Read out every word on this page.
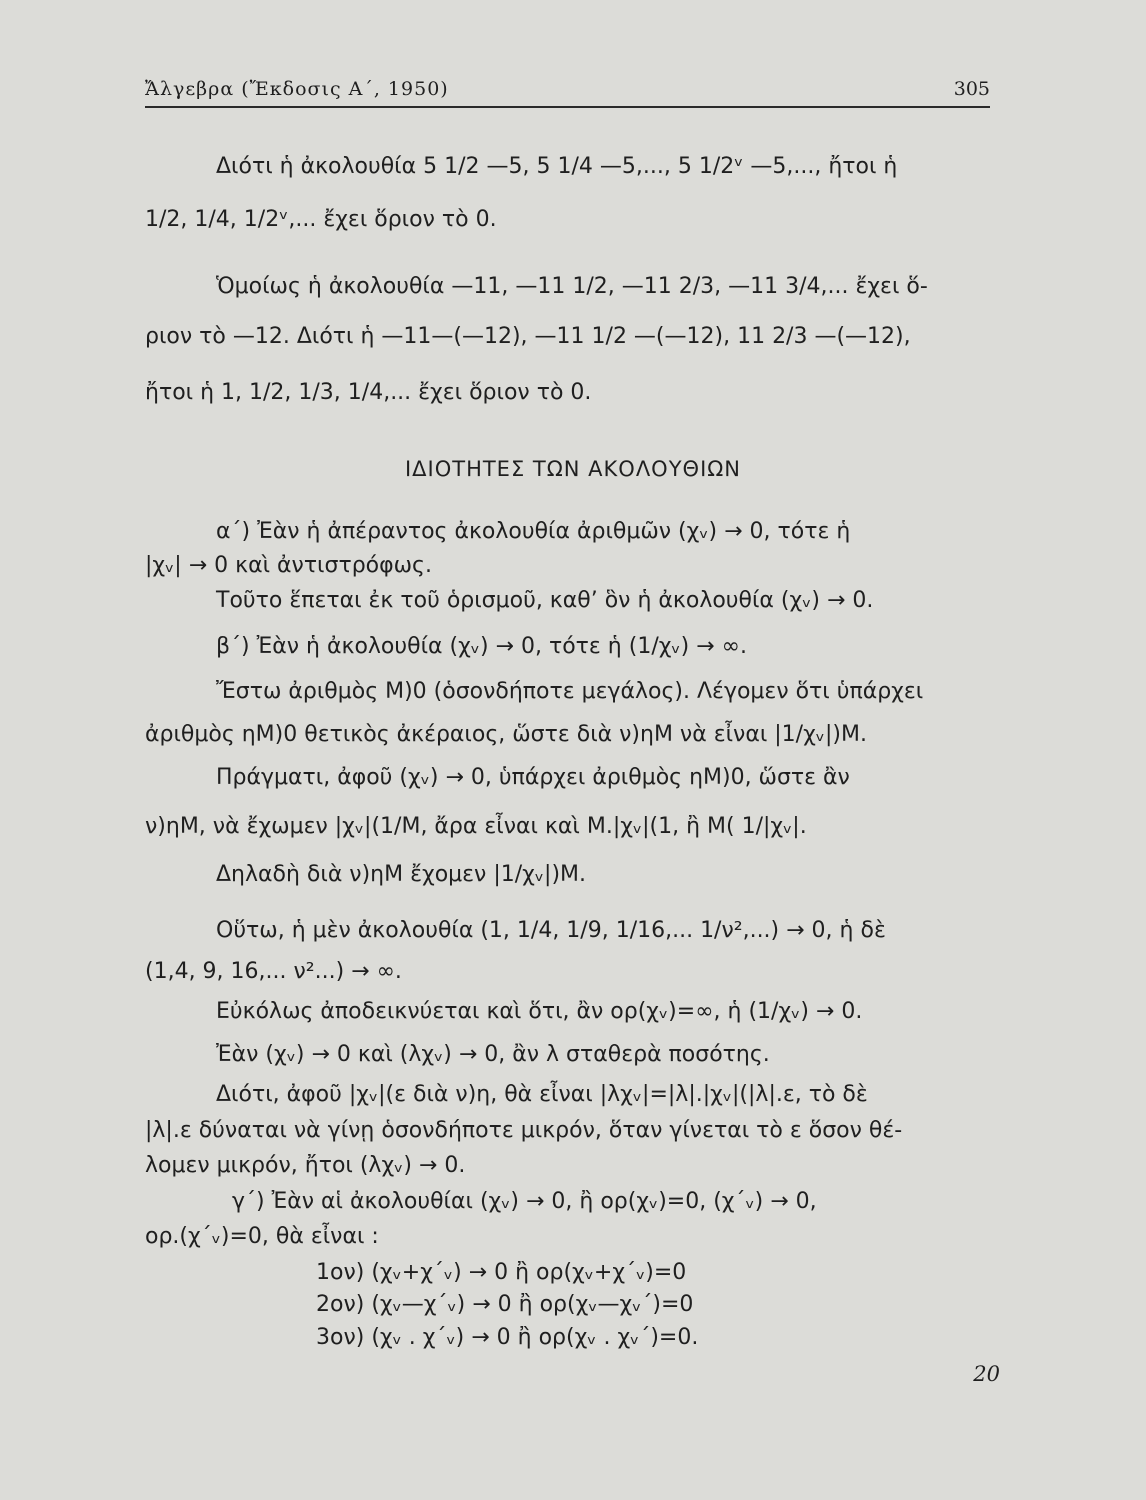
Ἄλγεβρα (Ἔκδοσις Α΄, 1950)	305
Διότι ἡ ἀκολουθία 5 1/2 —5, 5 1/4 —5,..., 5 1/2ᵛ —5,..., ἤτοι ἡ
1/2, 1/4, 1/2ᵛ,... ἔχει ὅριον τὸ 0.
Ὁμοίως ἡ ἀκολουθία —11, —11 1/2, —11 2/3, —11 3/4,... ἔχει ὅ-
ριον τὸ —12. Διότι ἡ —11—(—12), —11 1/2 —(—12), 11 2/3 —(—12),
ἤτοι ἡ 1, 1/2, 1/3, 1/4,... ἔχει ὅριον τὸ 0.
ΙΔΙΟΤΗΤΕΣ ΤΩΝ ΑΚΟΛΟΥΘΙΩΝ
α΄) Ἐὰν ἡ ἀπέραντος ἀκολουθία ἀριθμῶν (χᵥ) → 0, τότε ἡ
|χᵥ| → 0 καὶ ἀντιστρόφως.
Τοῦτο ἕπεται ἐκ τοῦ ὁρισμοῦ, καθ’ ὃν ἡ ἀκολουθία (χᵥ) → 0.
β΄) Ἐὰν ἡ ἀκολουθία (χᵥ) → 0, τότε ἡ (1/χᵥ) → ∞.
Ἔστω ἀριθμὸς Μ)0 (ὁσονδήποτε μεγάλος). Λέγομεν ὅτι ὑπάρχει
ἀριθμὸς ηΜ)0 θετικὸς ἀκέραιος, ὥστε διὰ ν)ηΜ νὰ εἶναι |1/χᵥ|)Μ.
Πράγματι, ἀφοῦ (χᵥ) → 0, ὑπάρχει ἀριθμὸς ηΜ)0, ὥστε ἂν
ν)ηΜ, νὰ ἔχωμεν |χᵥ|(1/Μ, ἄρα εἶναι καὶ Μ.|χᵥ|(1, ἢ Μ( 1/|χᵥ|.
Δηλαδὴ διὰ ν)ηΜ ἔχομεν |1/χᵥ|)Μ.
Οὕτω, ἡ μὲν ἀκολουθία (1, 1/4, 1/9, 1/16,... 1/ν²,...) → 0, ἡ δὲ
(1,4, 9, 16,... ν²...) → ∞.
Εὐκόλως ἀποδεικνύεται καὶ ὅτι, ἂν ορ(χᵥ)=∞, ἡ (1/χᵥ) → 0.
Ἐὰν (χᵥ) → 0 καὶ (λχᵥ) → 0, ἂν λ σταθερὰ ποσότης.
Διότι, ἀφοῦ |χᵥ|(ε διὰ ν)η, θὰ εἶναι |λχᵥ|=|λ|.|χᵥ|(|λ|.ε, τὸ δὲ
|λ|.ε δύναται νὰ γίνῃ ὁσονδήποτε μικρόν, ὅταν γίνεται τὸ ε ὅσον θέ-
λομεν μικρόν, ἤτοι (λχᵥ) → 0.
γ΄) Ἐὰν αἱ ἀκολουθίαι (χᵥ) → 0, ἢ ορ(χᵥ)=0, (χ΄ᵥ) → 0,
ορ.(χ΄ᵥ)=0, θὰ εἶναι :
1ον) (χᵥ+χ΄ᵥ) → 0 ἢ ορ(χᵥ+χ΄ᵥ)=0
2ον) (χᵥ—χ΄ᵥ) → 0 ἢ ορ(χᵥ—χᵥ΄)=0
3ον) (χᵥ . χ΄ᵥ) → 0 ἢ ορ(χᵥ . χᵥ΄)=0.
20
